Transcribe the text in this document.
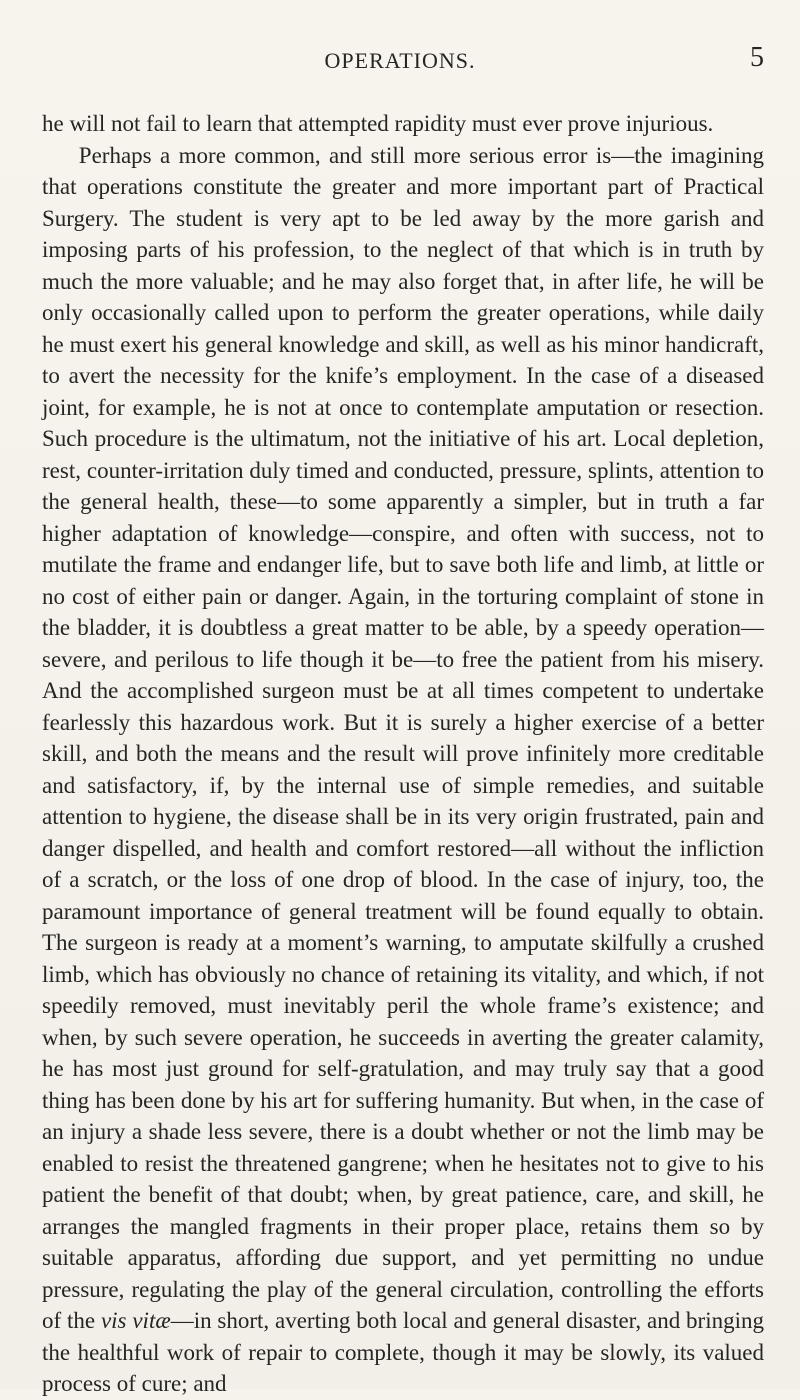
OPERATIONS.	5

he will not fail to learn that attempted rapidity must ever prove injurious.

Perhaps a more common, and still more serious error is—the imagining that operations constitute the greater and more important part of Practical Surgery. The student is very apt to be led away by the more garish and imposing parts of his profession, to the neglect of that which is in truth by much the more valuable; and he may also forget that, in after life, he will be only occasionally called upon to perform the greater operations, while daily he must exert his general knowledge and skill, as well as his minor handicraft, to avert the necessity for the knife’s employment. In the case of a diseased joint, for example, he is not at once to contemplate amputation or resection. Such procedure is the ultimatum, not the initiative of his art. Local depletion, rest, counter-irritation duly timed and conducted, pressure, splints, attention to the general health, these—to some apparently a simpler, but in truth a far higher adaptation of knowledge—conspire, and often with success, not to mutilate the frame and endanger life, but to save both life and limb, at little or no cost of either pain or danger. Again, in the torturing complaint of stone in the bladder, it is doubtless a great matter to be able, by a speedy operation—severe, and perilous to life though it be—to free the patient from his misery. And the accomplished surgeon must be at all times competent to undertake fearlessly this hazardous work. But it is surely a higher exercise of a better skill, and both the means and the result will prove infinitely more creditable and satisfactory, if, by the internal use of simple remedies, and suitable attention to hygiene, the disease shall be in its very origin frustrated, pain and danger dispelled, and health and comfort restored—all without the infliction of a scratch, or the loss of one drop of blood. In the case of injury, too, the paramount importance of general treatment will be found equally to obtain. The surgeon is ready at a moment’s warning, to amputate skilfully a crushed limb, which has obviously no chance of retaining its vitality, and which, if not speedily removed, must inevitably peril the whole frame’s existence; and when, by such severe operation, he succeeds in averting the greater calamity, he has most just ground for self-gratulation, and may truly say that a good thing has been done by his art for suffering humanity. But when, in the case of an injury a shade less severe, there is a doubt whether or not the limb may be enabled to resist the threatened gangrene; when he hesitates not to give to his patient the benefit of that doubt; when, by great patience, care, and skill, he arranges the mangled fragments in their proper place, retains them so by suitable apparatus, affording due support, and yet permitting no undue pressure, regulating the play of the general circulation, controlling the efforts of the vis vitæ—in short, averting both local and general disaster, and bringing the healthful work of repair to complete, though it may be slowly, its valued process of cure; and
